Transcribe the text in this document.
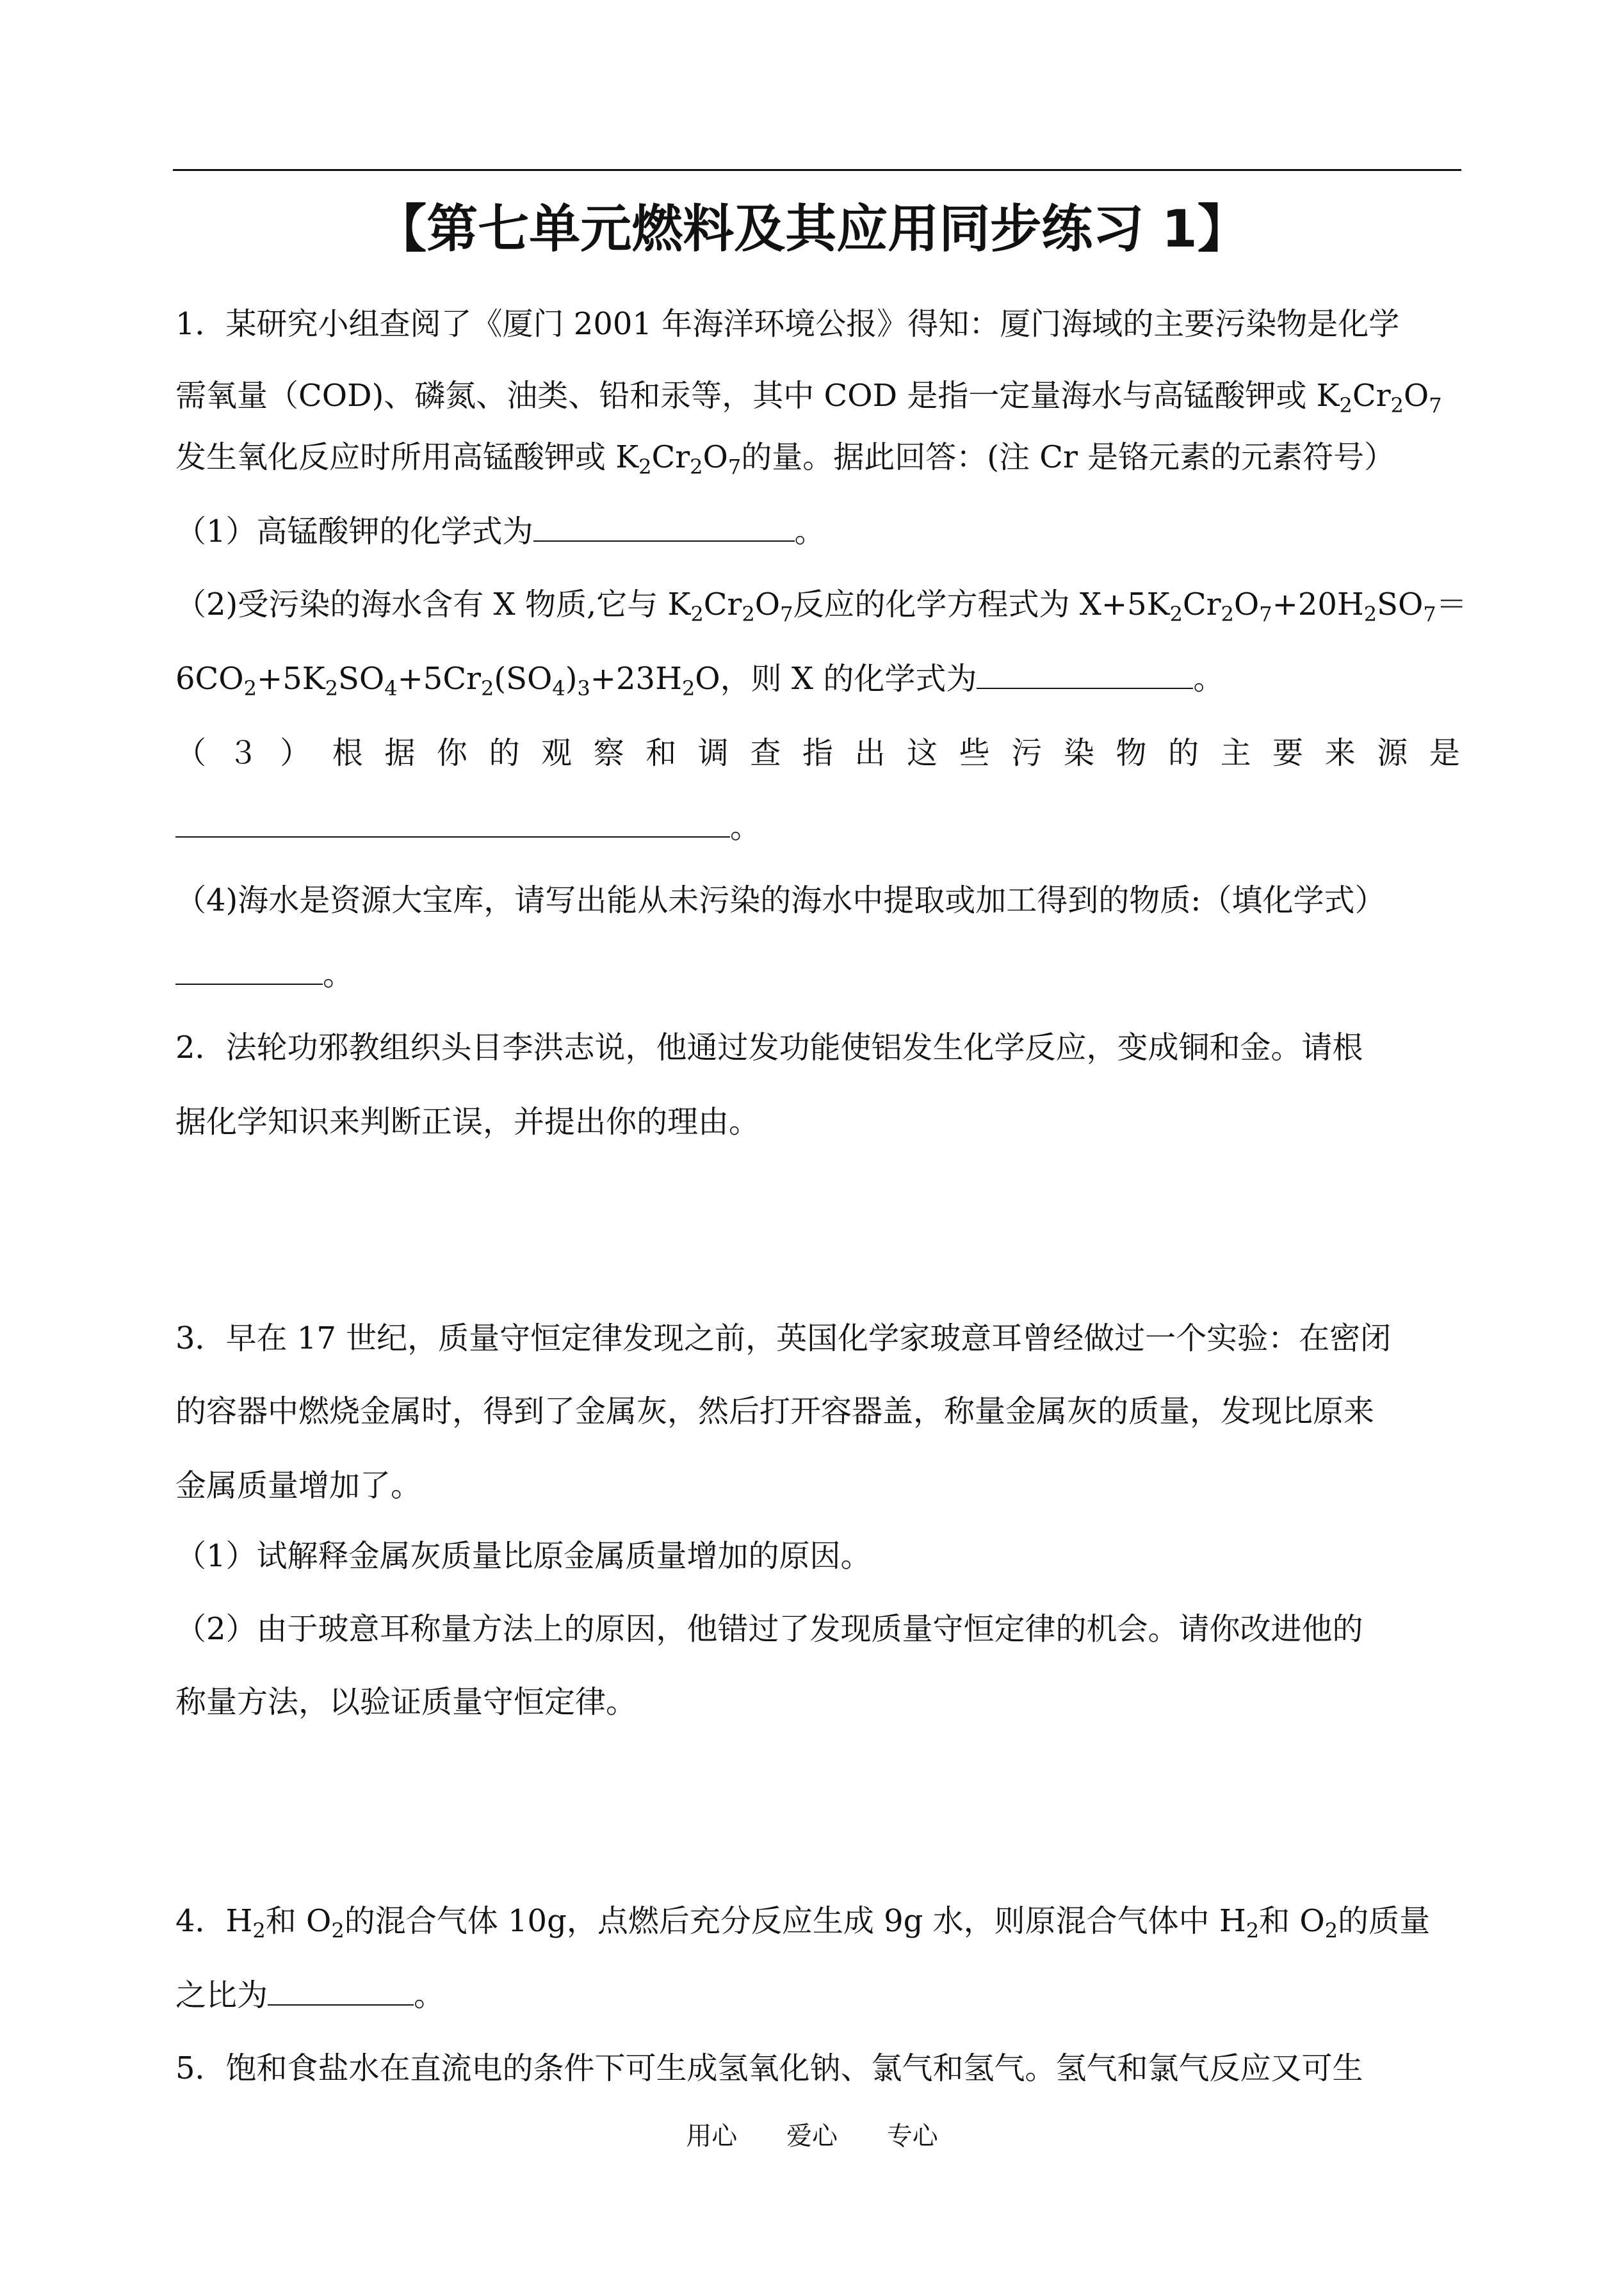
【第七单元燃料及其应用同步练习 1】
1．某研究小组查阅了《厦门 2001 年海洋环境公报》得知：厦门海域的主要污染物是化学
需氧量（COD)、磷氮、油类、铅和汞等，其中 COD 是指一定量海水与高锰酸钾或 $K_2Cr_2O_7$
发生氧化反应时所用高锰酸钾或 $K_2Cr_2O_7$的量。据此回答：(注 Cr 是铬元素的元素符号）
（1）高锰酸钾的化学式为	。
（2)受污染的海水含有 X 物质,它与 $K_2Cr_2O_7$反应的化学方程式为 $X+5K_2Cr_2O_7+20H_2SO_7=$
$6CO_2+5K_2SO_4+5Cr_2(SO_4)_3+23H_2O$，则 X 的化学式为	。
（ ３ ） 根 据 你 的 观 察 和 调 查 指 出 这 些 污 染 物 的 主 要 来 源 是
。
（4)海水是资源大宝库，请写出能从未污染的海水中提取或加工得到的物质:（填化学式）
。
2．法轮功邪教组织头目李洪志说，他通过发功能使铝发生化学反应，变成铜和金。请根
据化学知识来判断正误，并提出你的理由。
3．早在 17 世纪，质量守恒定律发现之前，英国化学家玻意耳曾经做过一个实验：在密闭
的容器中燃烧金属时，得到了金属灰，然后打开容器盖，称量金属灰的质量，发现比原来
金属质量增加了。
（1）试解释金属灰质量比原金属质量增加的原因。
（2）由于玻意耳称量方法上的原因，他错过了发现质量守恒定律的机会。请你改进他的
称量方法，以验证质量守恒定律。
4．$H_2$和 $O_2$的混合气体 10g，点燃后充分反应生成 9g 水，则原混合气体中 $H_2$和 $O_2$的质量
之比为	。
5．饱和食盐水在直流电的条件下可生成氢氧化钠、氯气和氢气。氢气和氯气反应又可生
用心 爱心 专心
